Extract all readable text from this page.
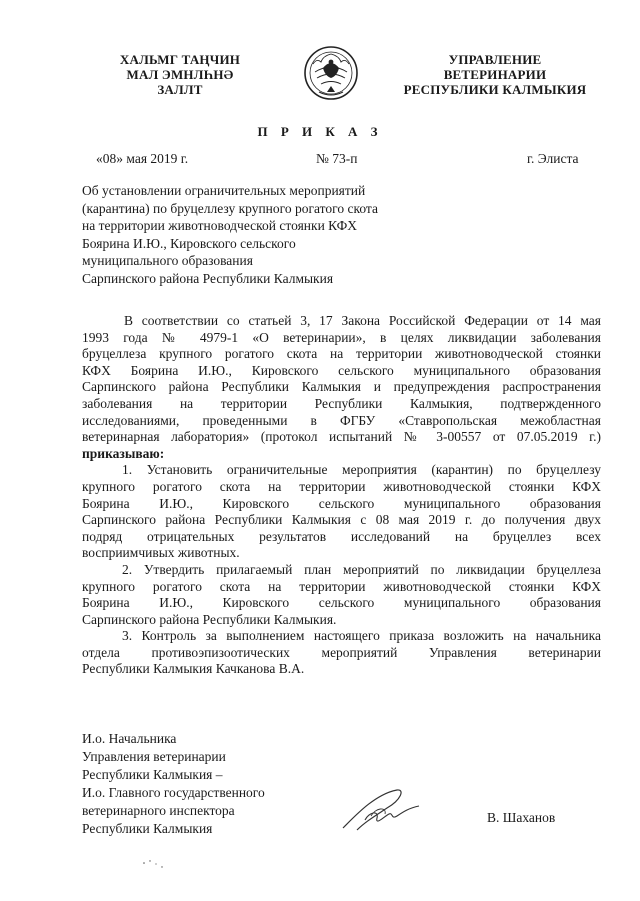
ХАЛЬМГ ТАҢЧИН
МАЛ ЭМНЛҺНӘ
ЗАЛЛТ
УПРАВЛЕНИЕ
ВЕТЕРИНАРИИ
РЕСПУБЛИКИ КАЛМЫКИЯ
П Р И К А З
«08» мая 2019 г.	№ 73-п	г. Элиста
Об установлении ограничительных мероприятий
(карантина) по бруцеллезу крупного рогатого скота
на территории животноводческой стоянки КФХ
Боярина И.Ю., Кировского сельского
муниципального образования
Сарпинского района Республики Калмыкия

В соответствии со статьей 3, 17 Закона Российской Федерации от 14 мая
1993 года № 4979-1 «О ветеринарии», в целях ликвидации заболевания
бруцеллеза крупного рогатого скота на территории животноводческой стоянки
КФХ Боярина И.Ю., Кировского сельского муниципального образования
Сарпинского района Республики Калмыкия и предупреждения распространения
заболевания на территории Республики Калмыкия, подтвержденного
исследованиями, проведенными в ФГБУ «Ставропольская межобластная
ветеринарная лаборатория» (протокол испытаний № 3-00557 от 07.05.2019 г.)
приказываю:

1. Установить ограничительные мероприятия (карантин) по бруцеллезу
крупного рогатого скота на территории животноводческой стоянки КФХ
Боярина И.Ю., Кировского сельского муниципального образования
Сарпинского района Республики Калмыкия с 08 мая 2019 г. до получения двух
подряд отрицательных результатов исследований на бруцеллез всех
восприимчивых животных.

2. Утвердить прилагаемый план мероприятий по ликвидации бруцеллеза
крупного рогатого скота на территории животноводческой стоянки КФХ
Боярина И.Ю., Кировского сельского муниципального образования
Сарпинского района Республики Калмыкия.

3. Контроль за выполнением настоящего приказа возложить на начальника
отдела противоэпизоотических мероприятий Управления ветеринарии
Республики Калмыкия Качканова В.А.

И.о. Начальника
Управления ветеринарии
Республики Калмыкия –
И.о. Главного государственного
ветеринарного инспектора
Республики Калмыкия
В. Шаханов
